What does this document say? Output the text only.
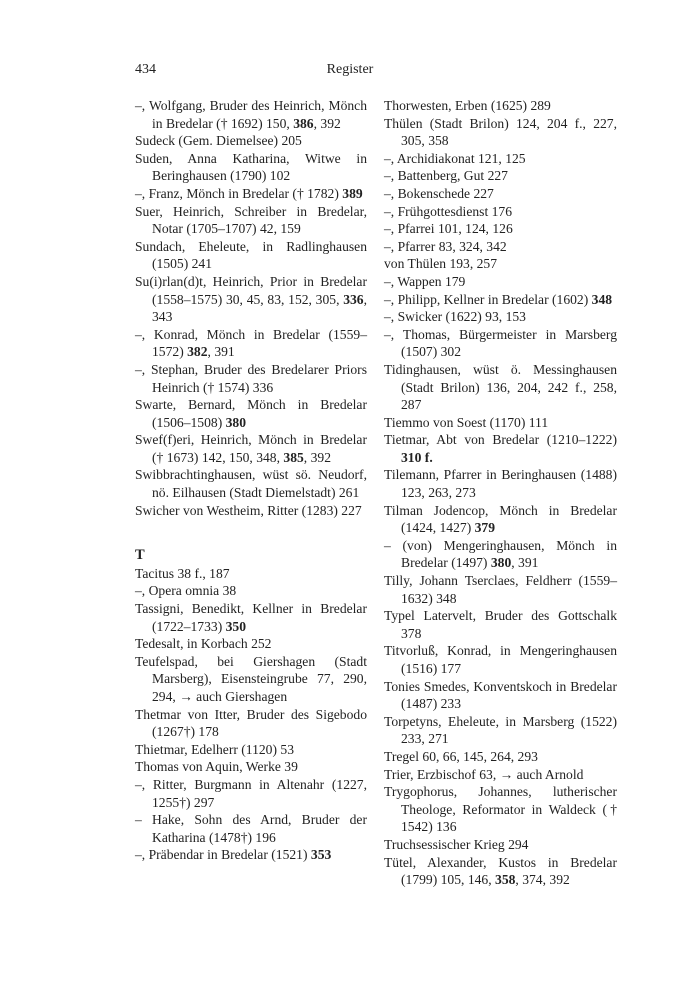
434	Register
–, Wolfgang, Bruder des Heinrich, Mönch in Bredelar († 1692) 150, 386, 392
Sudeck (Gem. Diemelsee) 205
Suden, Anna Katharina, Witwe in Beringhausen (1790) 102
–, Franz, Mönch in Bredelar († 1782) 389
Suer, Heinrich, Schreiber in Bredelar, Notar (1705–1707) 42, 159
Sundach, Eheleute, in Radlinghausen (1505) 241
Su(i)rlan(d)t, Heinrich, Prior in Bredelar (1558–1575) 30, 45, 83, 152, 305, 336, 343
–, Konrad, Mönch in Bredelar (1559–1572) 382, 391
–, Stephan, Bruder des Bredelarer Priors Heinrich († 1574) 336
Swarte, Bernard, Mönch in Bredelar (1506–1508) 380
Swef(f)eri, Heinrich, Mönch in Bredelar († 1673) 142, 150, 348, 385, 392
Swibbrachtinghausen, wüst sö. Neudorf, nö. Eilhausen (Stadt Diemelstadt) 261
Swicher von Westheim, Ritter (1283) 227
T
Tacitus 38 f., 187
–, Opera omnia 38
Tassigni, Benedikt, Kellner in Bredelar (1722–1733) 350
Tedesalt, in Korbach 252
Teufelspad, bei Giershagen (Stadt Marsberg), Eisensteingrube 77, 290, 294, → auch Giershagen
Thetmar von Itter, Bruder des Sigebodo (1267†) 178
Thietmar, Edelherr (1120) 53
Thomas von Aquin, Werke 39
–, Ritter, Burgmann in Altenahr (1227, 1255†) 297
– Hake, Sohn des Arnd, Bruder der Katharina (1478†) 196
–, Präbendar in Bredelar (1521) 353
Thorwesten, Erben (1625) 289
Thülen (Stadt Brilon) 124, 204 f., 227, 305, 358
–, Archidiakonat 121, 125
–, Battenberg, Gut 227
–, Bokenschede 227
–, Frühgottesdienst 176
–, Pfarrei 101, 124, 126
–, Pfarrer 83, 324, 342
von Thülen 193, 257
–, Wappen 179
–, Philipp, Kellner in Bredelar (1602) 348
–, Swicker (1622) 93, 153
–, Thomas, Bürgermeister in Marsberg (1507) 302
Tidinghausen, wüst ö. Messinghausen (Stadt Brilon) 136, 204, 242 f., 258, 287
Tiemmo von Soest (1170) 111
Tietmar, Abt von Bredelar (1210–1222) 310 f.
Tilemann, Pfarrer in Beringhausen (1488) 123, 263, 273
Tilman Jodencop, Mönch in Bredelar (1424, 1427) 379
– (von) Mengeringhausen, Mönch in Bredelar (1497) 380, 391
Tilly, Johann Tserclaes, Feldherr (1559–1632) 348
Typel Latervelt, Bruder des Gottschalk 378
Titvorluß, Konrad, in Mengeringhausen (1516) 177
Tonies Smedes, Konventskoch in Bredelar (1487) 233
Torpetyns, Eheleute, in Marsberg (1522) 233, 271
Tregel 60, 66, 145, 264, 293
Trier, Erzbischof 63, → auch Arnold
Trygophorus, Johannes, lutherischer Theologe, Reformator in Waldeck († 1542) 136
Truchsessischer Krieg 294
Tütel, Alexander, Kustos in Bredelar (1799) 105, 146, 358, 374, 392
